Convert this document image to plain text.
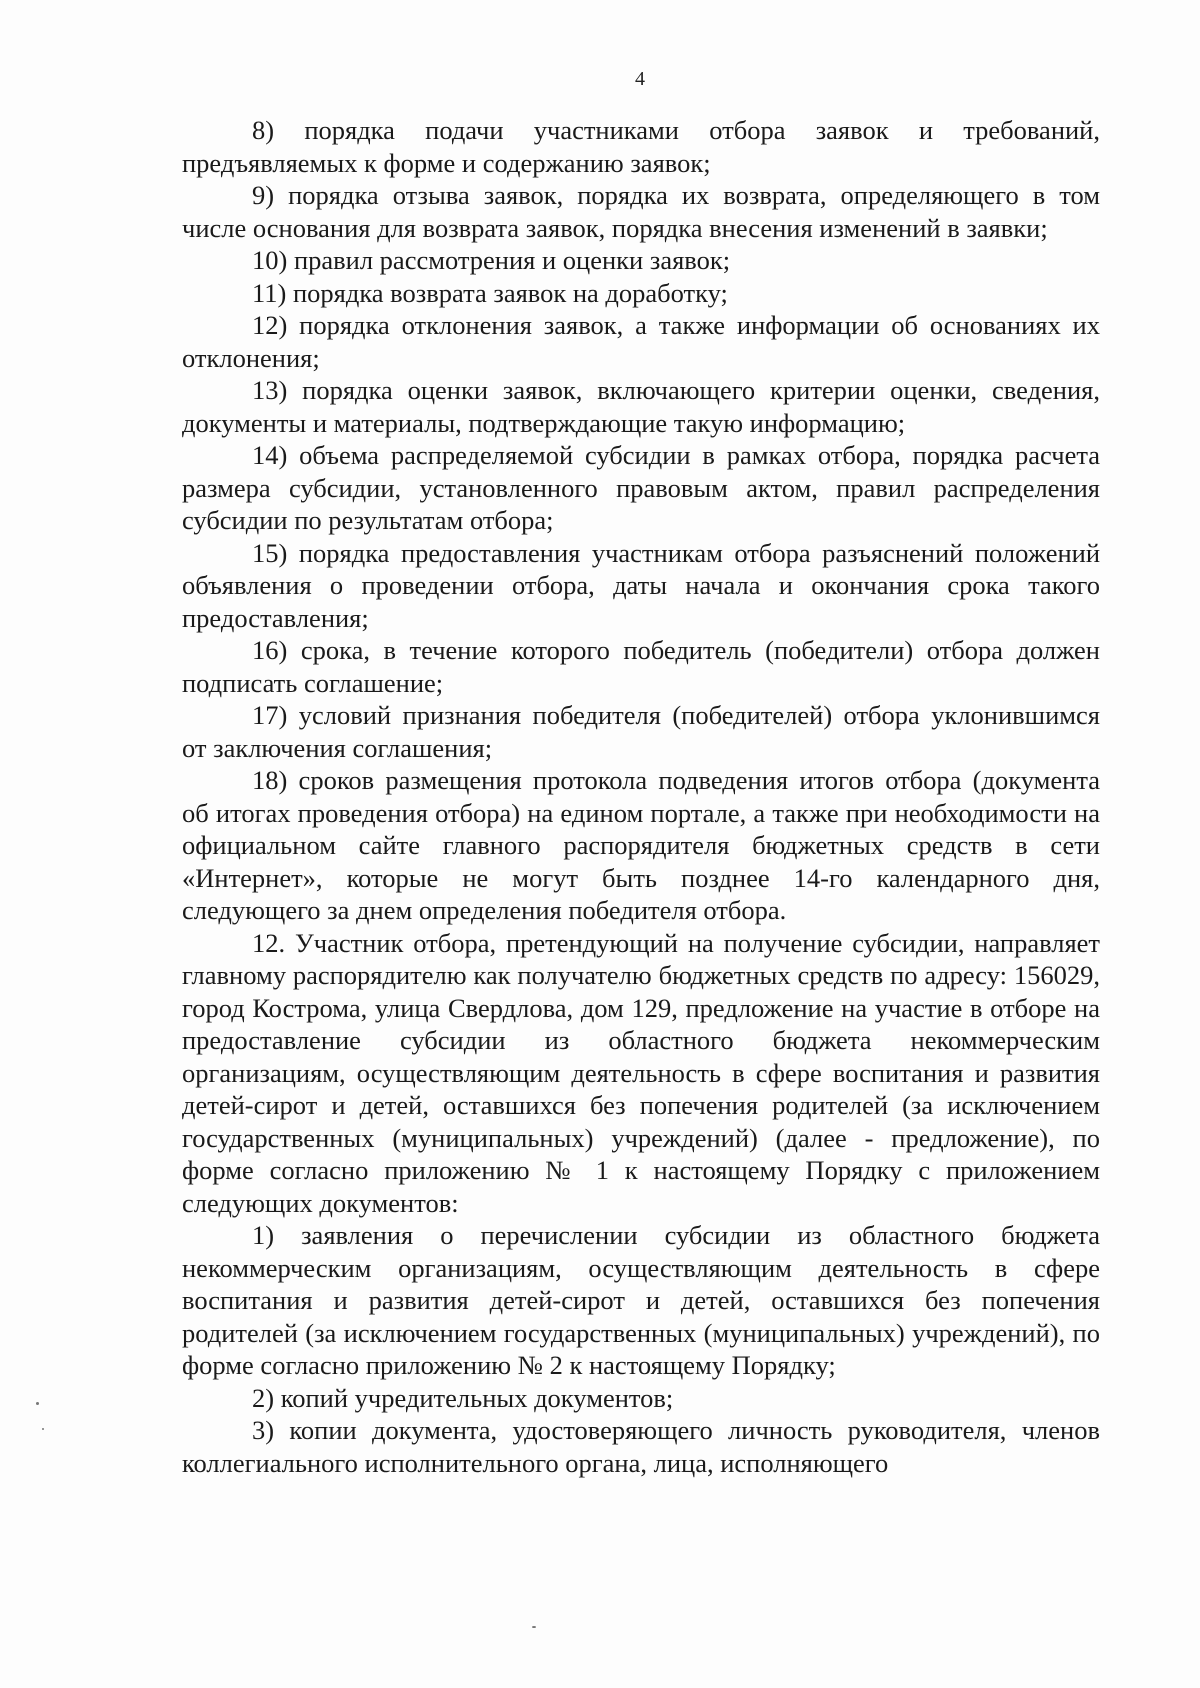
4

8) порядка подачи участниками отбора заявок и требований, предъявляемых к форме и содержанию заявок;

9) порядка отзыва заявок, порядка их возврата, определяющего в том числе основания для возврата заявок, порядка внесения изменений в заявки;

10) правил рассмотрения и оценки заявок;

11) порядка возврата заявок на доработку;

12) порядка отклонения заявок, а также информации об основаниях их отклонения;

13) порядка оценки заявок, включающего критерии оценки, сведения, документы и материалы, подтверждающие такую информацию;

14) объема распределяемой субсидии в рамках отбора, порядка расчета размера субсидии, установленного правовым актом, правил распределения субсидии по результатам отбора;

15) порядка предоставления участникам отбора разъяснений положений объявления о проведении отбора, даты начала и окончания срока такого предоставления;

16) срока, в течение которого победитель (победители) отбора должен подписать соглашение;

17) условий признания победителя (победителей) отбора уклонившимся от заключения соглашения;

18) сроков размещения протокола подведения итогов отбора (документа об итогах проведения отбора) на едином портале, а также при необходимости на официальном сайте главного распорядителя бюджетных средств в сети «Интернет», которые не могут быть позднее 14-го календарного дня, следующего за днем определения победителя отбора.

12. Участник отбора, претендующий на получение субсидии, направляет главному распорядителю как получателю бюджетных средств по адресу: 156029, город Кострома, улица Свердлова, дом 129, предложение на участие в отборе на предоставление субсидии из областного бюджета некоммерческим организациям, осуществляющим деятельность в сфере воспитания и развития детей-сирот и детей, оставшихся без попечения родителей (за исключением государственных (муниципальных) учреждений) (далее - предложение), по форме согласно приложению № 1 к настоящему Порядку с приложением следующих документов:

1) заявления о перечислении субсидии из областного бюджета некоммерческим организациям, осуществляющим деятельность в сфере воспитания и развития детей-сирот и детей, оставшихся без попечения родителей (за исключением государственных (муниципальных) учреждений), по форме согласно приложению № 2 к настоящему Порядку;

2) копий учредительных документов;

3) копии документа, удостоверяющего личность руководителя, членов коллегиального исполнительного органа, лица, исполняющего
